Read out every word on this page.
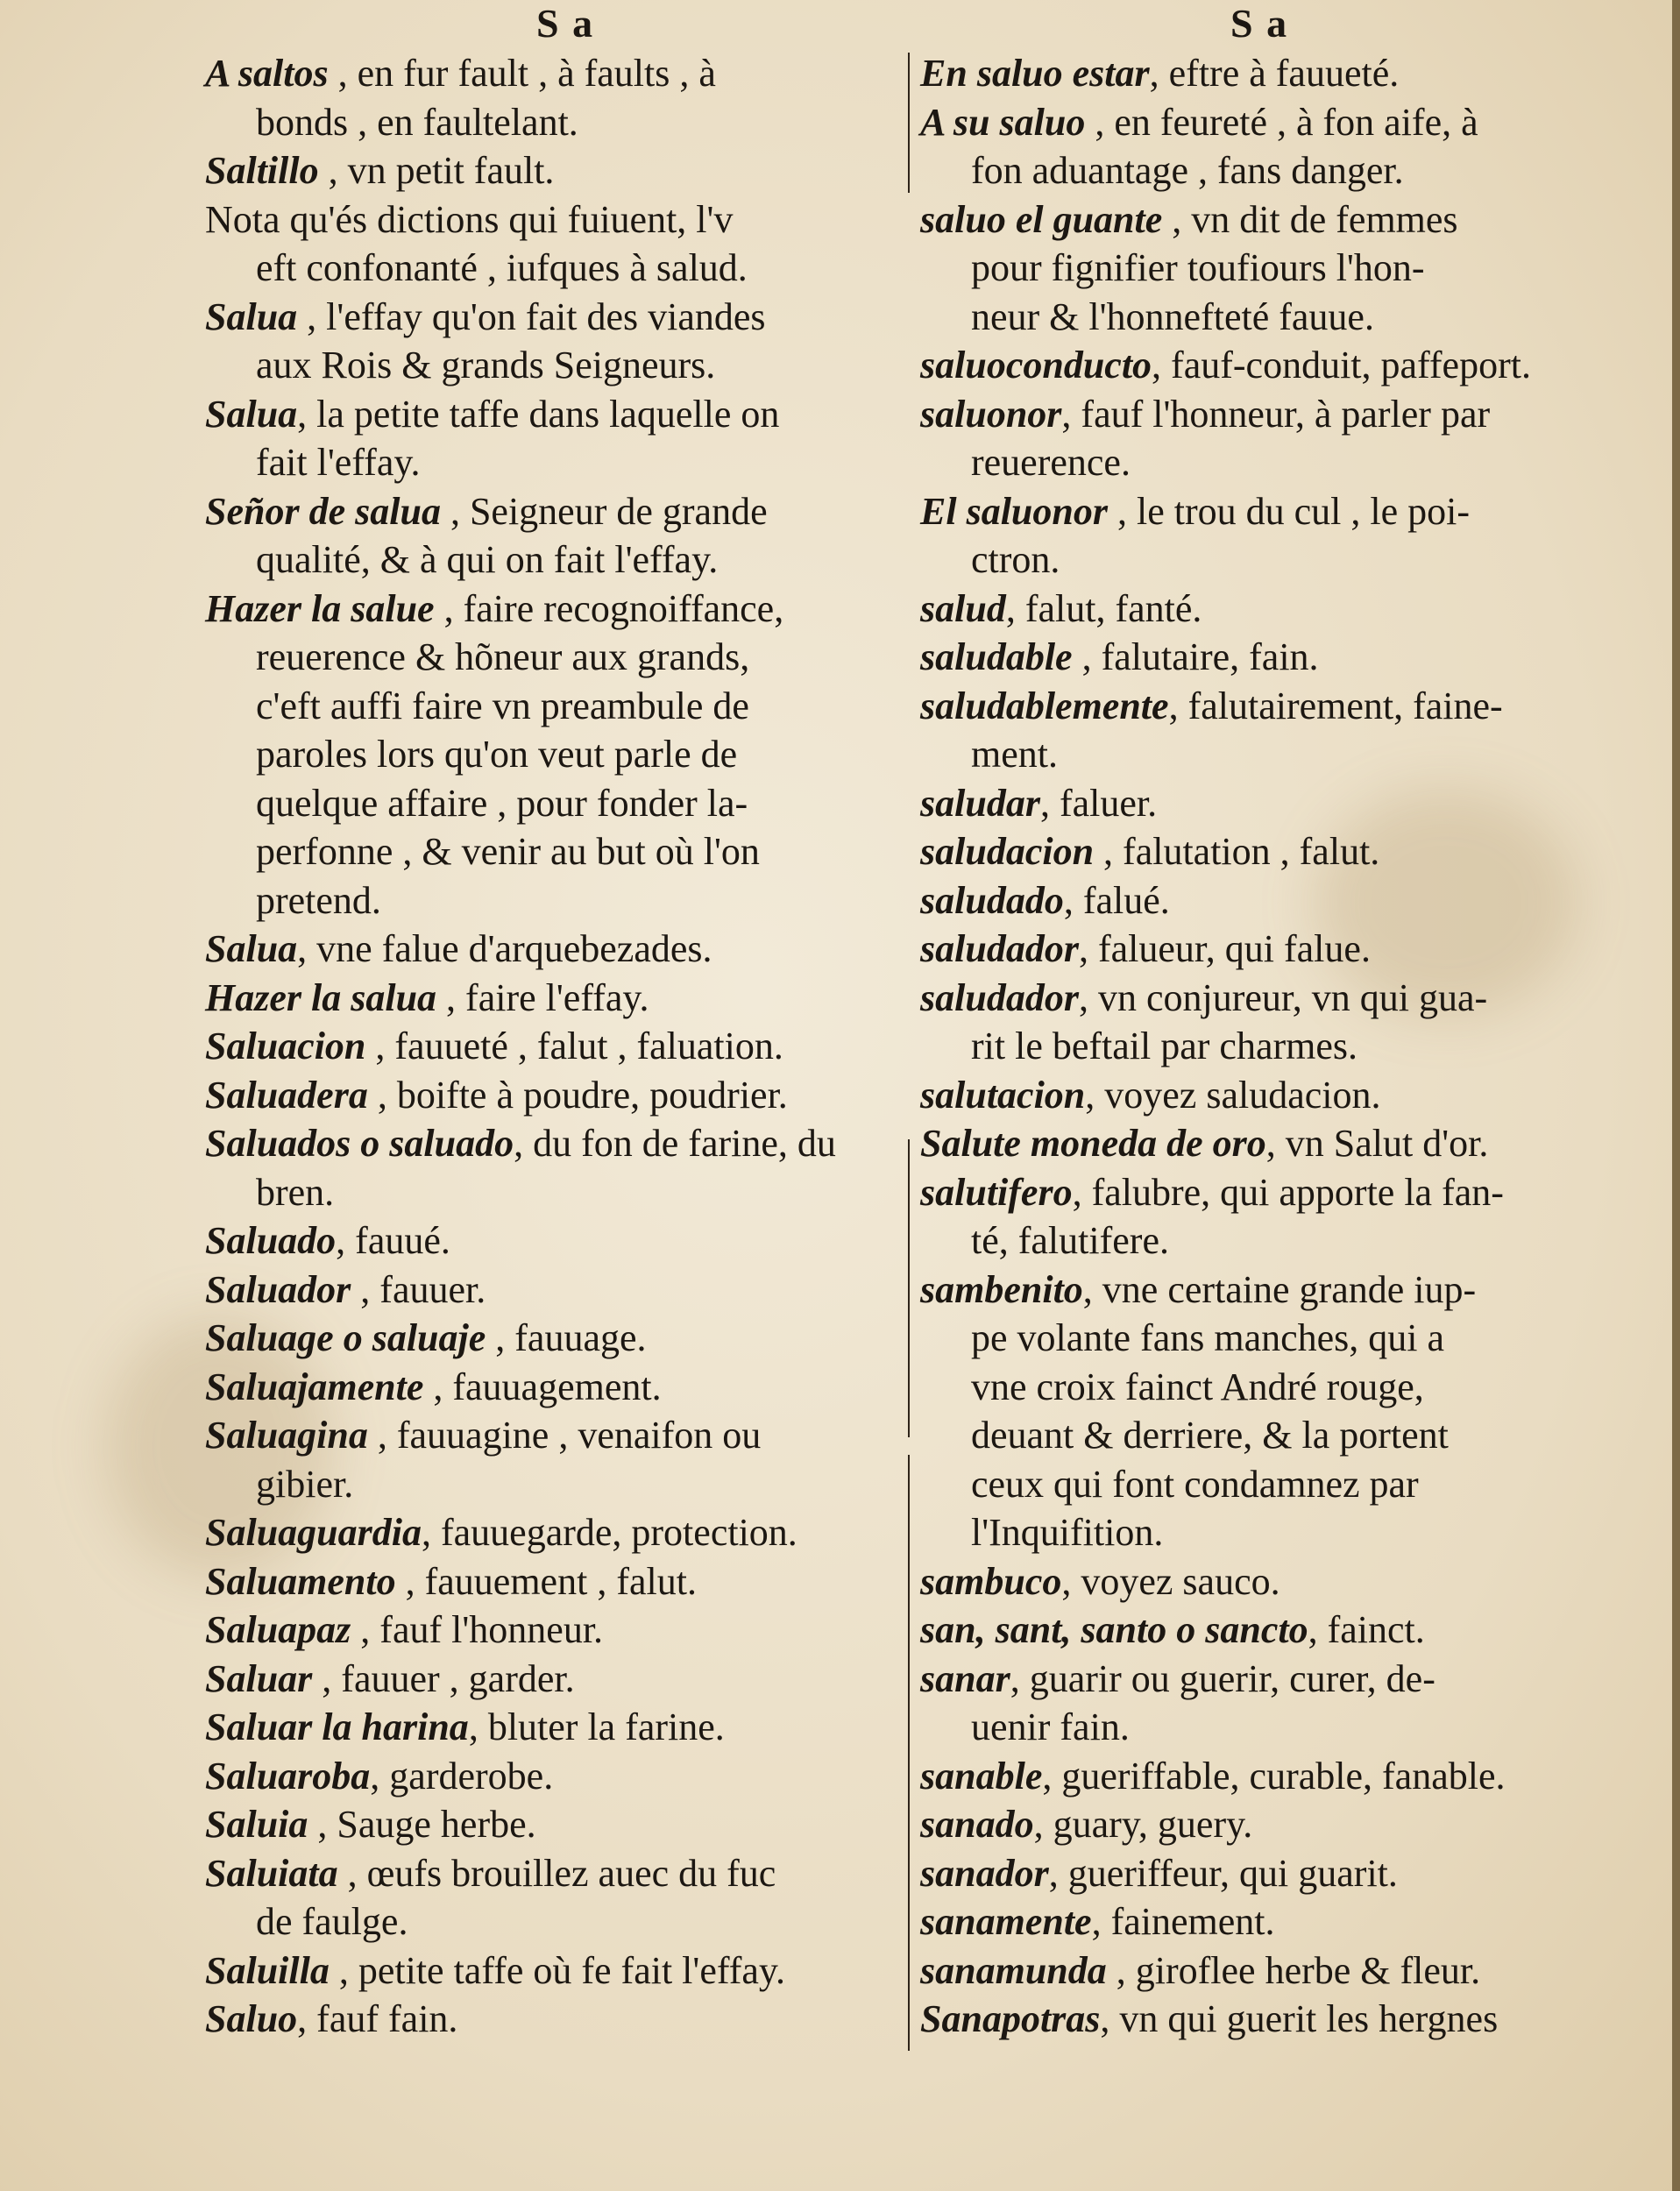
S a	S a
A saltos , en fur fault , à faults , à
bonds , en faultelant.
Saltillo , vn petit fault.
Nota qu'és dictions qui fuiuent, l'v
eft confonanté , iufques à salud.
Salua , l'effay qu'on fait des viandes
aux Rois & grands Seigneurs.
Salua, la petite taffe dans laquelle on
fait l'effay.
Señor de salua , Seigneur de grande
qualité, & à qui on fait l'effay.
Hazer la salue , faire recognoiffance,
reuerence & hõneur aux grands,
c'eft auffi faire vn preambule de
paroles lors qu'on veut parle de
quelque affaire , pour fonder la-
perfonne , & venir au but où l'on
pretend.
Salua, vne falue d'arquebezades.
Hazer la salua , faire l'effay.
Saluacion , fauueté , falut , faluation.
Saluadera , boifte à poudre, poudrier.
Saluados o saluado, du fon de farine, du
bren.
Saluado, fauué.
Saluador , fauuer.
Saluage o saluaje , fauuage.
Saluajamente , fauuagement.
Saluagina , fauuagine , venaifon ou
gibier.
Saluaguardia, fauuegarde, protection.
Saluamento , fauuement , falut.
Saluapaz , fauf l'honneur.
Saluar , fauuer , garder.
Saluar la harina, bluter la farine.
Saluaroba, garderobe.
Saluia , Sauge herbe.
Saluiata , œufs brouillez auec du fuc
de faulge.
Saluilla , petite taffe où fe fait l'effay.
Saluo, fauf fain.
En saluo estar, eftre à fauueté.
A su saluo , en feureté , à fon aife, à
fon aduantage , fans danger.
saluo el guante , vn dit de femmes
pour fignifier toufiours l'hon-
neur & l'honnefteté fauue.
saluoconducto, fauf-conduit, paffeport.
saluonor, fauf l'honneur, à parler par
reuerence.
El saluonor , le trou du cul , le poi-
ctron.
salud, falut, fanté.
saludable , falutaire, fain.
saludablemente, falutairement, faine-
ment.
saludar, faluer.
saludacion , falutation , falut.
saludado, falué.
saludador, falueur, qui falue.
saludador, vn conjureur, vn qui gua-
rit le beftail par charmes.
salutacion, voyez saludacion.
Salute moneda de oro, vn Salut d'or.
salutifero, falubre, qui apporte la fan-
té, falutifere.
sambenito, vne certaine grande iup-
pe volante fans manches, qui a
vne croix fainct André rouge,
deuant & derriere, & la portent
ceux qui font condamnez par
l'Inquifition.
sambuco, voyez sauco.
san, sant, santo o sancto, fainct.
sanar, guarir ou guerir, curer, de-
uenir fain.
sanable, gueriffable, curable, fanable.
sanado, guary, guery.
sanador, gueriffeur, qui guarit.
sanamente, fainement.
sanamunda , giroflee herbe & fleur.
Sanapotras, vn qui guerit les hergnes
